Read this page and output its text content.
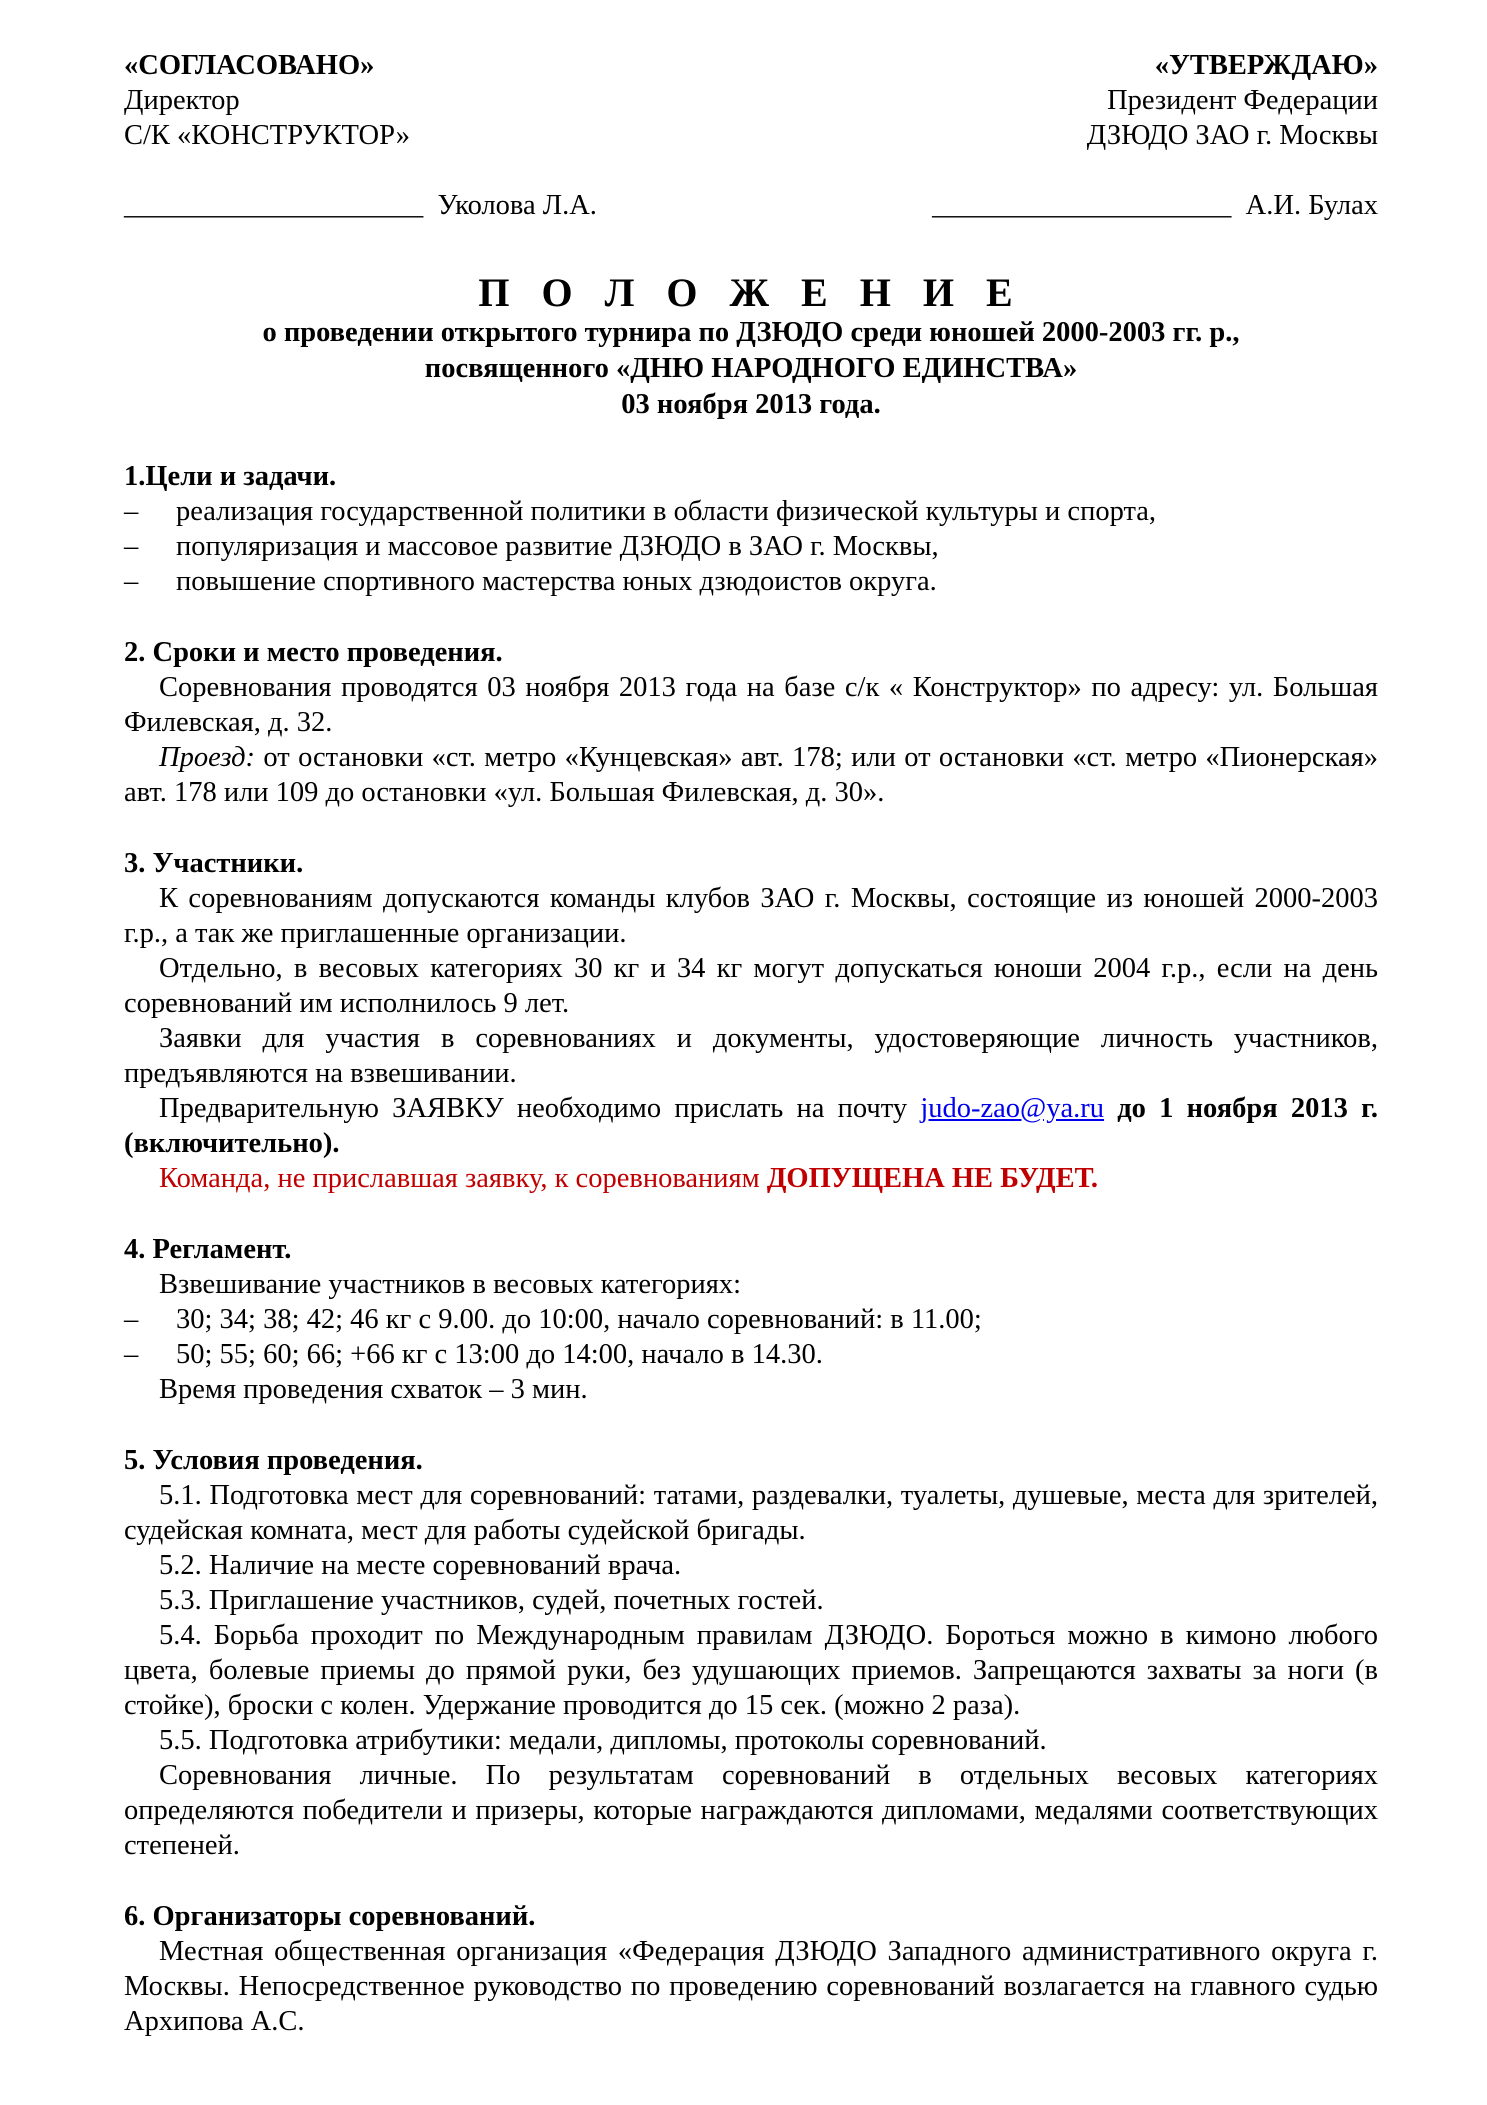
«СОГЛАСОВАНО»
Директор
С/К «КОНСТРУКТОР»
«УТВЕРЖДАЮ»
Президент Федерации
ДЗЮДО ЗАО г. Москвы
_____________________ Уколова Л.А.	_____________________ А.И. Булах
П О Л О Ж Е Н И Е
о проведении открытого турнира по ДЗЮДО среди юношей 2000-2003 гг. р.,
посвященного «ДНЮ НАРОДНОГО ЕДИНСТВА»
03 ноября 2013 года.
1.Цели и задачи.
–	реализация государственной политики в области физической культуры и спорта,
–	популяризация и массовое развитие ДЗЮДО в ЗАО г. Москвы,
–	повышение спортивного мастерства юных дзюдоистов округа.
2. Сроки и место проведения.

Соревнования проводятся 03 ноября 2013 года на базе с/к « Конструктор» по адресу: ул. Большая Филевская, д. 32.

Проезд: от остановки «ст. метро «Кунцевская» авт. 178; или от остановки «ст. метро «Пионерская» авт. 178 или 109 до остановки «ул. Большая Филевская, д. 30».

3. Участники.

К соревнованиям допускаются команды клубов ЗАО г. Москвы, состоящие из юношей 2000-2003 г.р., а так же приглашенные организации.

Отдельно, в весовых категориях 30 кг и 34 кг могут допускаться юноши 2004 г.р., если на день соревнований им исполнилось 9 лет.

Заявки для участия в соревнованиях и документы, удостоверяющие личность участников, предъявляются на взвешивании.

Предварительную ЗАЯВКУ необходимо прислать на почту judo-zao@ya.ru до 1 ноября 2013 г. (включительно).

Команда, не приславшая заявку, к соревнованиям ДОПУЩЕНА НЕ БУДЕТ.

4. Регламент.

Взвешивание участников в весовых категориях:

–	30; 34; 38; 42; 46 кг с 9.00. до 10:00, начало соревнований: в 11.00;
–	50; 55; 60; 66; +66 кг с 13:00 до 14:00, начало в 14.30.

Время проведения схваток – 3 мин.

5. Условия проведения.

5.1. Подготовка мест для соревнований: татами, раздевалки, туалеты, душевые, места для зрителей, судейская комната, мест для работы судейской бригады.

5.2. Наличие на месте соревнований врача.

5.3. Приглашение участников, судей, почетных гостей.

5.4. Борьба проходит по Международным правилам ДЗЮДО. Бороться можно в кимоно любого цвета, болевые приемы до прямой руки, без удушающих приемов. Запрещаются захваты за ноги (в стойке), броски с колен. Удержание проводится до 15 сек. (можно 2 раза).

5.5. Подготовка атрибутики: медали, дипломы, протоколы соревнований.

Соревнования личные. По результатам соревнований в отдельных весовых категориях определяются победители и призеры, которые награждаются дипломами, медалями соответствующих степеней.

6. Организаторы соревнований.

Местная общественная организация «Федерация ДЗЮДО Западного административного округа г. Москвы. Непосредственное руководство по проведению соревнований возлагается на главного судью Архипова А.С.
